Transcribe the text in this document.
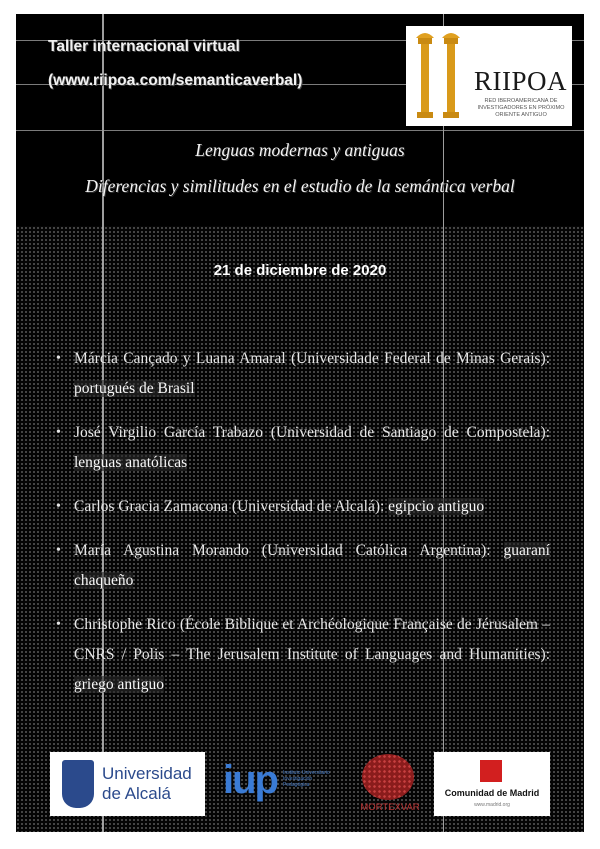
Taller internacional virtual
(www.riipoa.com/semanticaverbal)	RIIPOA
RED IBEROAMERICANA DE INVESTIGADORES EN PRÓXIMO ORIENTE ANTIGUO
Lenguas modernas y antiguas
Diferencias y similitudes en el estudio de la semántica verbal
21 de diciembre de 2020
• Márcia Cançado y Luana Amaral (Universidade Federal de Minas Gerais): portugués de Brasil
• José Virgilio García Trabazo (Universidad de Santiago de Compostela): lenguas anatólicas
• Carlos Gracia Zamacona (Universidad de Alcalá): egipcio antiguo
• María Agustina Morando (Universidad Católica Argentina): guaraní chaqueño
• Christophe Rico (École Biblique et Archéologique Française de Jérusalem – CNRS / Polis – The Jerusalem Institute of Languages and Humanities): griego antiguo
Universidad
de Alcalá iup Instituto Universitario Investigación Pedagógica
MORTEXVAR
Comunidad de Madrid
www.madrid.org
